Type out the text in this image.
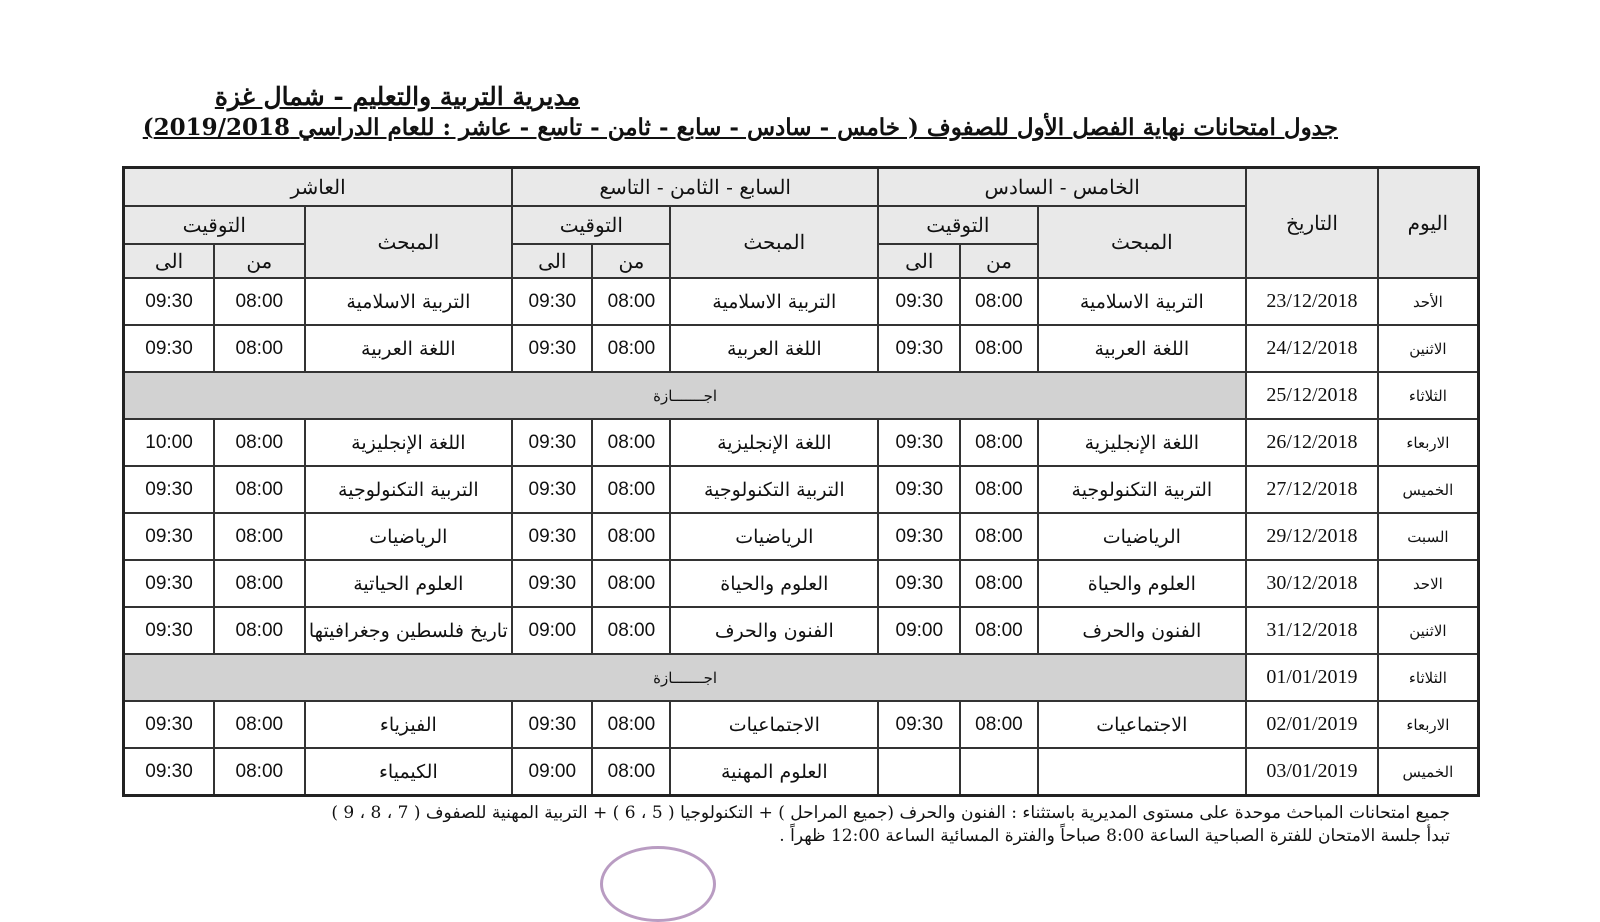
مديرية التربية والتعليم - شمال غزة
جدول امتحانات نهاية الفصل الأول للصفوف ( خامس - سادس - سابع - ثامن - تاسع - عاشر : للعام الدراسي 2019/2018)
اليوم	التاريخ	الخامس - السادس			السابع - الثامن - التاسع			العاشر		
		المبحث	التوقيت		المبحث	التوقيت		المبحث	التوقيت	
			من	الى		من	الى		من	الى
الأحد	23/12/2018	التربية الاسلامية	08:00	09:30	التربية الاسلامية	08:00	09:30	التربية الاسلامية	08:00	09:30
الاثنين	24/12/2018	اللغة العربية	08:00	09:30	اللغة العربية	08:00	09:30	اللغة العربية	08:00	09:30
الثلاثاء	25/12/2018	اجـــــــازة								
الاربعاء	26/12/2018	اللغة الإنجليزية	08:00	09:30	اللغة الإنجليزية	08:00	09:30	اللغة الإنجليزية	08:00	10:00
الخميس	27/12/2018	التربية التكنولوجية	08:00	09:30	التربية التكنولوجية	08:00	09:30	التربية التكنولوجية	08:00	09:30
السبت	29/12/2018	الرياضيات	08:00	09:30	الرياضيات	08:00	09:30	الرياضيات	08:00	09:30
الاحد	30/12/2018	العلوم والحياة	08:00	09:30	العلوم والحياة	08:00	09:30	العلوم الحياتية	08:00	09:30
الاثنين	31/12/2018	الفنون والحرف	08:00	09:00	الفنون والحرف	08:00	09:00	تاريخ فلسطين وجغرافيتها	08:00	09:30
الثلاثاء	01/01/2019	اجـــــــازة								
الاربعاء	02/01/2019	الاجتماعيات	08:00	09:30	الاجتماعيات	08:00	09:30	الفيزياء	08:00	09:30
الخميس	03/01/2019				العلوم المهنية	08:00	09:00	الكيمياء	08:00	09:30
جميع امتحانات المباحث موحدة على مستوى المديرية باستثناء : الفنون والحرف (جميع المراحل ) + التكنولوجيا ( 5 ، 6 ) + التربية المهنية للصفوف ( 7 ، 8 ، 9 )
تبدأ جلسة الامتحان للفترة الصباحية الساعة 8:00 صباحاً والفترة المسائية الساعة 12:00 ظهراً .
